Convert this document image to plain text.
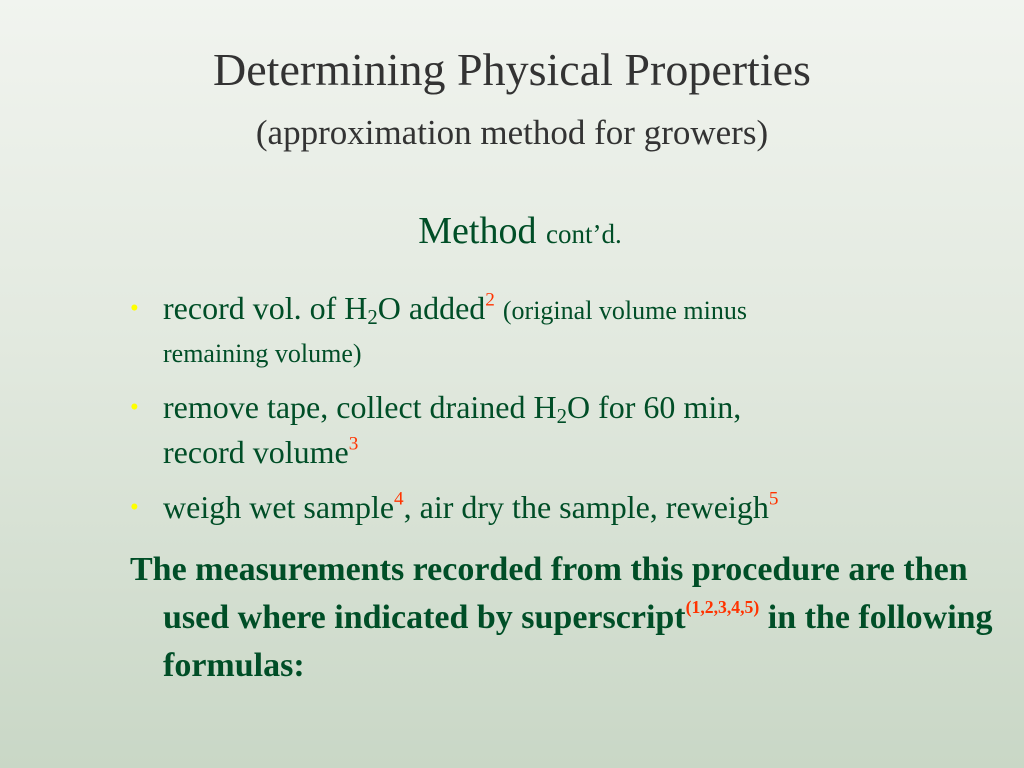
Determining Physical Properties
(approximation method for growers)
Method cont’d.
• record vol. of $H_2O$ added$^2$ (original volume minus
remaining volume)
• remove tape, collect drained $H_2O$ for 60 min,
record volume$^3$
• weigh wet sample$^4$, air dry the sample, reweigh$^5$

The measurements recorded from this procedure are then used where indicated by superscript$^{(1,2,3,4,5)}$ in the following formulas:
